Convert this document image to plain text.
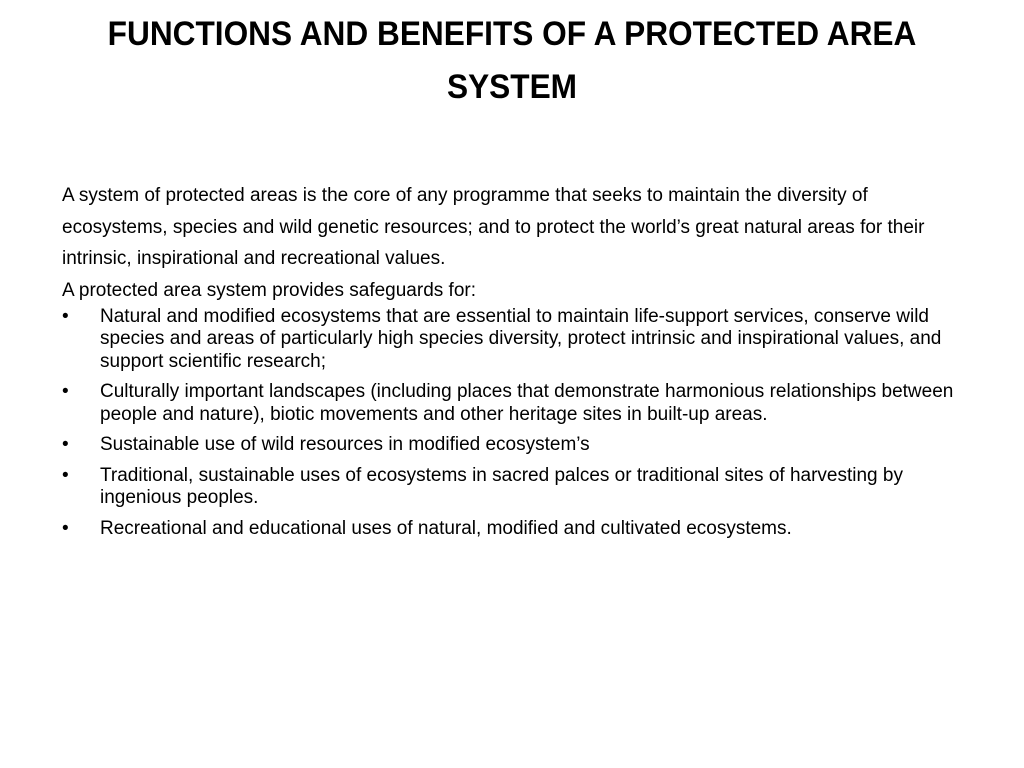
FUNCTIONS AND BENEFITS OF A PROTECTED AREA SYSTEM

A system of protected areas is the core of any programme that seeks to maintain the diversity of ecosystems, species and wild genetic resources; and to protect the world’s great natural areas for their intrinsic, inspirational and recreational values.

A protected area system provides safeguards for:

•	Natural and modified ecosystems that are essential to maintain life-support services, conserve wild species and areas of particularly high species diversity, protect intrinsic and inspirational values, and support scientific research;
•	Culturally important landscapes (including places that demonstrate harmonious relationships between people and nature), biotic movements and other heritage sites in built-up areas.
•	Sustainable use of wild resources in modified ecosystem’s
•	Traditional, sustainable uses of ecosystems in sacred palces or traditional sites of harvesting by ingenious peoples.
•	Recreational and educational uses of natural, modified and cultivated ecosystems.
